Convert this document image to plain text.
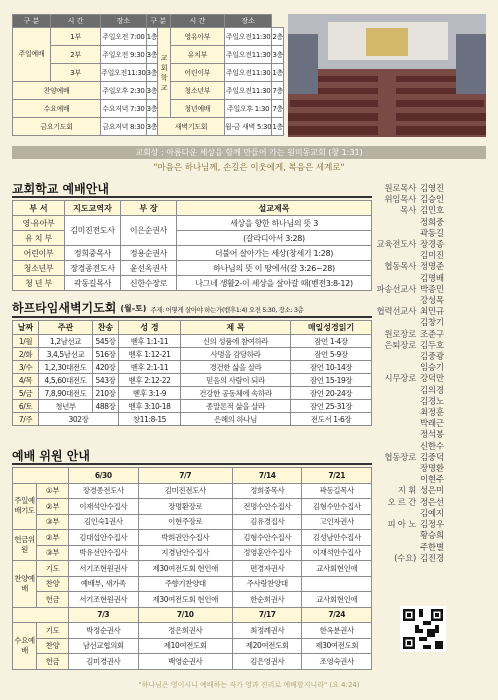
구 분	시 간	장소	구 분		시 간	장소	
주일예배	1부	주일오전 7:00	1층	교회학교	영유아부	주일오전11:30	2층
	2부	주일오전 9:30	3층		유치부	주일오전11:30	3층
	3부	주일오전11:30	3층		어린이부	주일오전11:30	1층
찬양예배		주일오후 2:30	3층		청소년부	주일오전11:30	7층
수요예배		수요저녁 7:30	3층		청년예배	주일오후 1:30	7층
금요기도회		금요저녁 8:30	3층	새벽기도회		월-금 새벽 5:30	1층
교회상 : 아름다운 세상을 함께 만들어 가는 원미동교회 (창 1:31)
"마음은 하나님께, 손길은 이웃에게, 복음은 세계로"
교회학교 예배안내
부 서	지도교역자	부 장	설교제목
영·유아부	김미진전도사	이은순권사	세상을 향한 하나님의 뜻 3
유 치 부			(갈라디아서 3:28)
어린이부	정희중목사	정용순권사	더불어 살아가는 세상(창세기 1:28)
청소년부	장경종전도사	윤선옥권사	하나님의 뜻 이 땅에서(갈 3:26~28)
청 년 부	곽동길목사	신한수장로	나그네 생활2-이 세상을 살아갈 때(벧전3:8-12)
하프타임새벽기도회 (월-토) 주제: 어떻게 살아야 하는가(벧후1:4) 오전 5:30, 장소: 3층
날짜	주관	찬송	성 경	제 목	매일성경읽기
1/월	1,2남선교	545장	벧후 1:1-11	신의 성품에 참여하라	잠언 1-4장
2/화	3,4,5남선교	516장	벧후 1:12-21	사명을 감당하라	잠언 5-9장
3/수	1,2,30대전도	420장	벧후 2:1-11	경건한 삶을 살라	잠언 10-14장
4/목	4,5,60대전도	543장	벧후 2:12-22	믿음의 사람이 되라	잠언 15-19장
5/금	7,8,90대전도	210장	벧후 3:1-9	건강한 공동체에 속하라	잠언 20-24장
6/토	청년부	488장	벧후 3:10-18	종말론적 삶을 살라	잠언 25-31장
7/주	302장		창11:8-15	은혜의 하나님	전도서 1-6장
예배 위원 안내
		6/30	7/7	7/14	7/21
주일예배기도	①부	장경종전도사	김미진전도사	정희중목사	곽동길목사
	②부	이재석안수집사	장명환장로	전명수안수집사	김형수안수집사
	③부	김인숙1권사	이현주장로	김유경집사	고인자권사
헌금위원	②부	김대섭안수집사	박희권안수집사	김형수안수집사	김성남안수집사
	③부	박유선안수집사	지경남안수집사	정영훈안수집사	이재석안수집사
찬양예배	기도	서기조현원권사	제30여전도회 현인애	편경자권사	교사회현인애
	찬양	예배부, 새가족	주향기찬양대	주사랑찬양대	
	헌금	서기조현원권사	제30여전도회 현인애	한순희권사	교사회현인애
		7/3	7/10	7/17	7/24
수요예배	기도	박정순권사	정은희권사	최정례권사	한옥분권사
	찬양	남선교협의회	제10여전도회	제20여전도회	제30여전도회
	헌금	김미경권사	백영순권사	김은영권사	조영숙권사
원로목사 김영진
위임목사 김승인
목사 김민호
정희중
곽동길
교육전도사 장경종
김미진
협동목사 정명준
김명배
파송선교사 박종민
강성목
협력선교사 최민규
김창기
원로장로 조준구
은퇴장로 김두호
김중광
임승기
시무장로 강덕만
김의경
김경노
최정훈
박래근
정석봉
신한수
협동장로 김중덕
장명환
이현주
지 휘 성은미
오 르 간 정은선
김예지
피 아 노 김정우
황승희
주한별
(수요) 김진경
"하나님은 영이시니 예배하는 자가 영과 진리로 예배할지니라" (요 4:24)
